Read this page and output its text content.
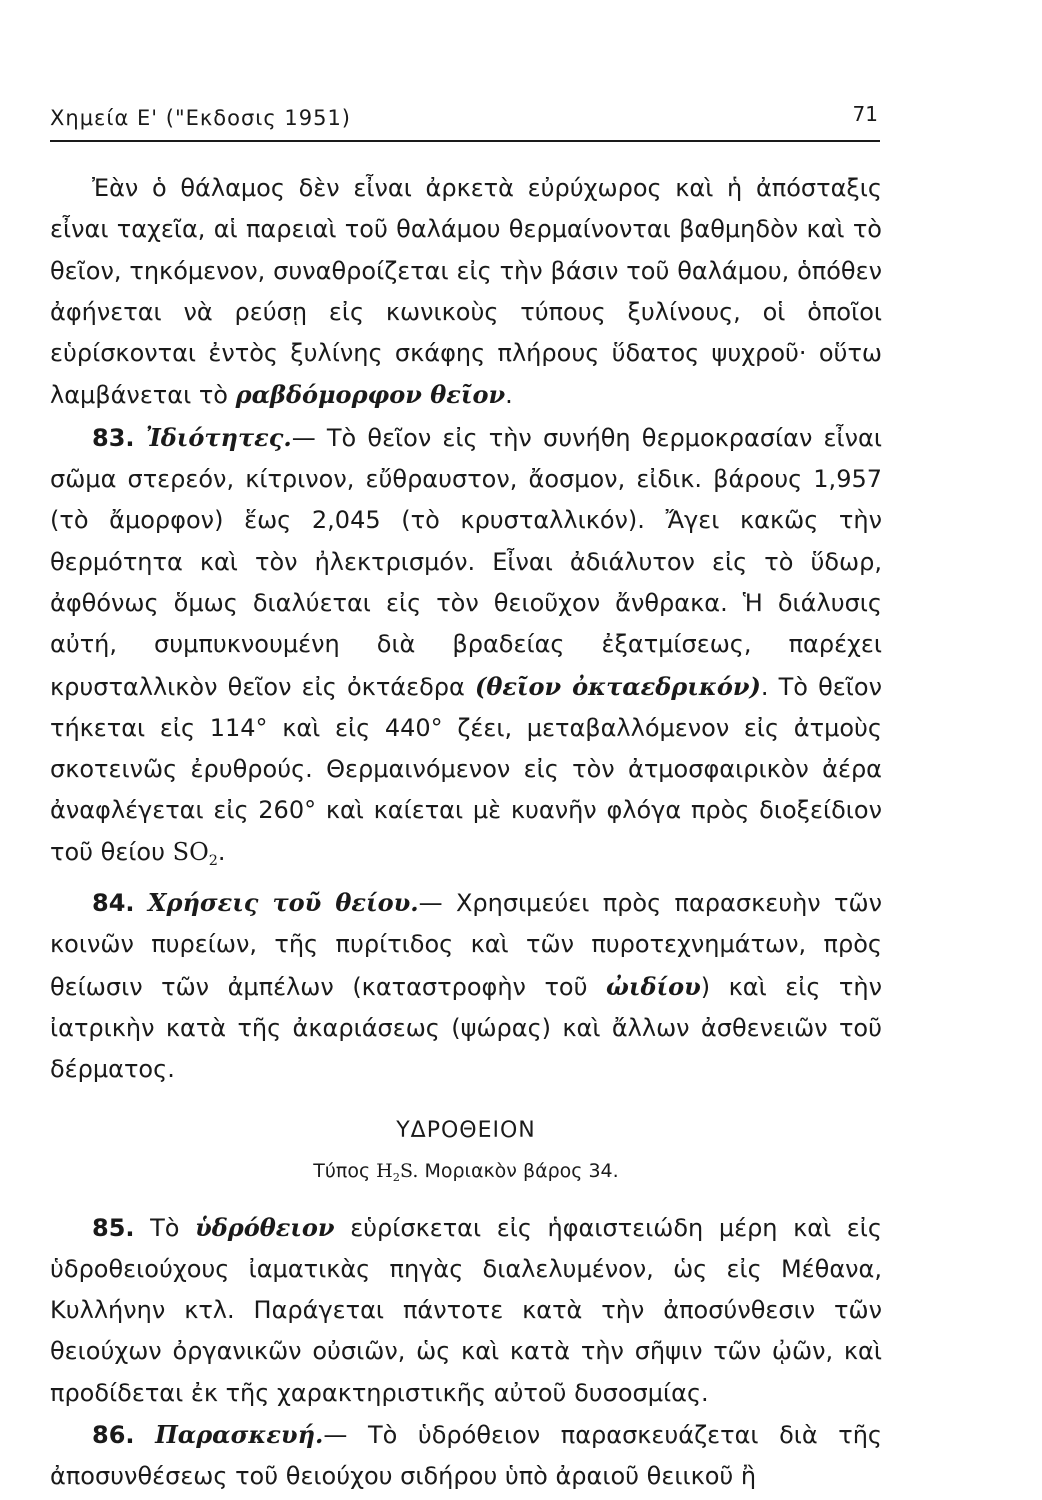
Χημεία Ε' ("Εκδοσις 1951)	71

Ἐὰν ὁ θάλαμος δὲν εἶναι ἀρκετὰ εὐρύχωρος καὶ ἡ ἀπόσταξις εἶναι ταχεῖα, αἱ παρειαὶ τοῦ θαλάμου θερμαίνονται βαθμηδὸν καὶ τὸ θεῖον, τηκόμενον, συναθροίζεται εἰς τὴν βάσιν τοῦ θαλάμου, ὁπόθεν ἀφήνεται νὰ ρεύσῃ εἰς κωνικοὺς τύπους ξυλίνους, οἱ ὁποῖοι εὑρίσκονται ἐντὸς ξυλίνης σκάφης πλήρους ὕδατος ψυχροῦ· οὕτω λαμβάνεται τὸ ραβδόμορφον θεῖον.

83. Ἰδιότητες.— Τὸ θεῖον εἰς τὴν συνήθη θερμοκρασίαν εἶναι σῶμα στερεόν, κίτρινον, εὔθραυστον, ἄοσμον, εἰδικ. βάρους 1,957 (τὸ ἄμορφον) ἕως 2,045 (τὸ κρυσταλλικόν). Ἄγει κακῶς τὴν θερμότητα καὶ τὸν ἠλεκτρισμόν. Εἶναι ἀδιάλυτον εἰς τὸ ὕδωρ, ἀφθόνως ὅμως διαλύεται εἰς τὸν θειοῦχον ἄνθρακα. Ἡ διάλυσις αὐτή, συμπυκνουμένη διὰ βραδείας ἐξατμίσεως, παρέχει κρυσταλλικὸν θεῖον εἰς ὀκτάεδρα (θεῖον ὀκταεδρικόν). Τὸ θεῖον τήκεται εἰς 114° καὶ εἰς 440° ζέει, μεταβαλλόμενον εἰς ἀτμοὺς σκοτεινῶς ἐρυθρούς. Θερμαινόμενον εἰς τὸν ἀτμοσφαιρικὸν ἀέρα ἀναφλέγεται εἰς 260° καὶ καίεται μὲ κυανῆν φλόγα πρὸς διοξείδιον τοῦ θείου $SO_2$.

84. Χρήσεις τοῦ θείου.— Χρησιμεύει πρὸς παρασκευὴν τῶν κοινῶν πυρείων, τῆς πυρίτιδος καὶ τῶν πυροτεχνημάτων, πρὸς θείωσιν τῶν ἀμπέλων (καταστροφὴν τοῦ ὠιδίου) καὶ εἰς τὴν ἰατρικὴν κατὰ τῆς ἀκαριάσεως (ψώρας) καὶ ἄλλων ἀσθενειῶν τοῦ δέρματος.

ΥΔΡΟΘΕΙΟΝ
Τύπος $H_2S$. Μοριακὸν βάρος 34.

85. Τὸ ὑδρόθειον εὑρίσκεται εἰς ἡφαιστειώδη μέρη καὶ εἰς ὑδροθειούχους ἰαματικὰς πηγὰς διαλελυμένον, ὡς εἰς Μέθανα, Κυλλήνην κτλ. Παράγεται πάντοτε κατὰ τὴν ἀποσύνθεσιν τῶν θειούχων ὀργανικῶν οὐσιῶν, ὡς καὶ κατὰ τὴν σῆψιν τῶν ᾠῶν, καὶ προδίδεται ἐκ τῆς χαρακτηριστικῆς αὐτοῦ δυσοσμίας.

86. Παρασκευή.— Τὸ ὑδρόθειον παρασκευάζεται διὰ τῆς ἀποσυνθέσεως τοῦ θειούχου σιδήρου ὑπὸ ἀραιοῦ θειικοῦ ἢ
